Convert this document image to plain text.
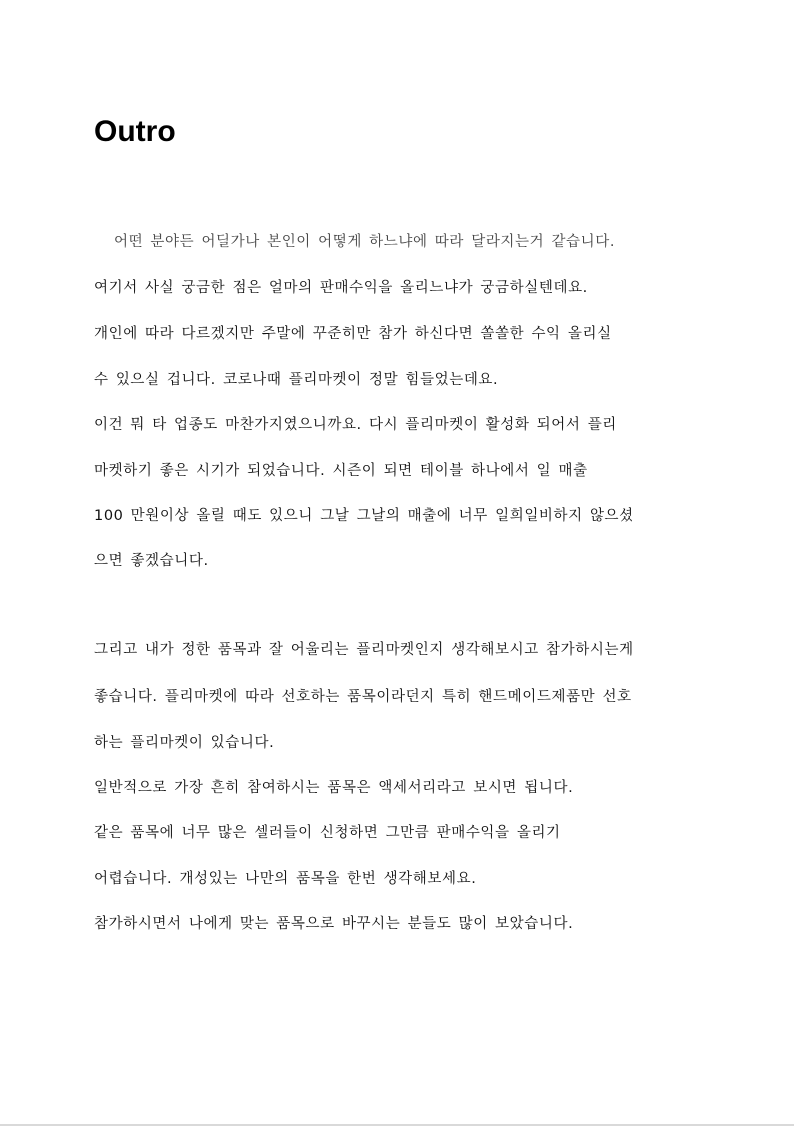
Outro
어떤 분야든 어딜가나 본인이 어떻게 하느냐에 따라 달라지는거 같습니다.
여기서 사실 궁금한 점은 얼마의 판매수익을 올리느냐가 궁금하실텐데요.
개인에 따라 다르겠지만 주말에 꾸준히만 참가 하신다면 쏠쏠한 수익 올리실
수 있으실 겁니다. 코로나때 플리마켓이 정말 힘들었는데요.
이건 뭐 타 업종도 마찬가지였으니까요. 다시 플리마켓이 활성화 되어서 플리
마켓하기 좋은 시기가 되었습니다. 시즌이 되면 테이블 하나에서 일 매출
100 만원이상 올릴 때도 있으니 그날 그날의 매출에 너무 일희일비하지 않으셨
으면 좋겠습니다.
그리고 내가 정한 품목과 잘 어울리는 플리마켓인지 생각해보시고 참가하시는게
좋습니다. 플리마켓에 따라 선호하는 품목이라던지 특히 핸드메이드제품만 선호
하는 플리마켓이 있습니다.
일반적으로 가장 흔히 참여하시는 품목은 액세서리라고 보시면 됩니다.
같은 품목에 너무 많은 셀러들이 신청하면 그만큼 판매수익을 올리기
어렵습니다. 개성있는 나만의 품목을 한번 생각해보세요.
참가하시면서 나에게 맞는 품목으로 바꾸시는 분들도 많이 보았습니다.
